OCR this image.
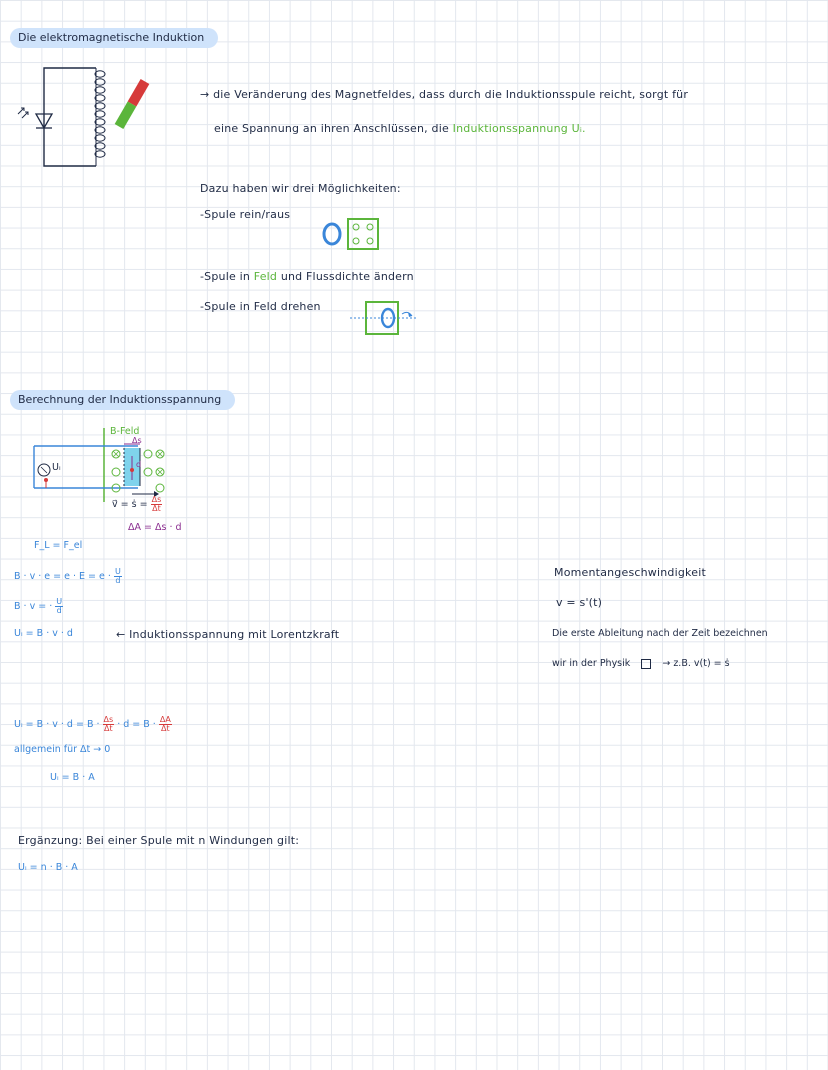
Die elektromagnetische Induktion
→ die Veränderung des Magnetfeldes, dass durch die Induktionsspule reicht, sorgt für
eine Spannung an ihren Anschlüssen, die Induktionsspannung Uᵢ.
Dazu haben wir drei Möglichkeiten:
-Spule rein/raus
-Spule in Feld und Flussdichte ändern
-Spule in Feld drehen
Berechnung der Induktionsspannung
B-Feld
Δs
d
Uᵢ
v⃗ = ṡ = $\frac{\Delta s}{\Delta t}$
ΔA = Δs · d
F_L = F_el
$B \cdot v \cdot e = e \cdot E = e \cdot \frac{U}{d}$
B · v = · $\frac{U}{d}$
Uᵢ = B · v · d	← Induktionsspannung mit Lorentzkraft
Uᵢ = $B \cdot v \cdot d = B \cdot \frac{\Delta s}{\Delta t} \cdot d = B \cdot \frac{\Delta A}{\Delta t}$
allgemein für Δt → 0
Uᵢ = B · A
Ergänzung: Bei einer Spule mit n Windungen gilt:
Uᵢ = n · B · A
Momentangeschwindigkeit
v = s'(t)
Die erste Ableitung nach der Zeit bezeichnen
wir in der Physik	→ z.B. v(t) = ṡ
